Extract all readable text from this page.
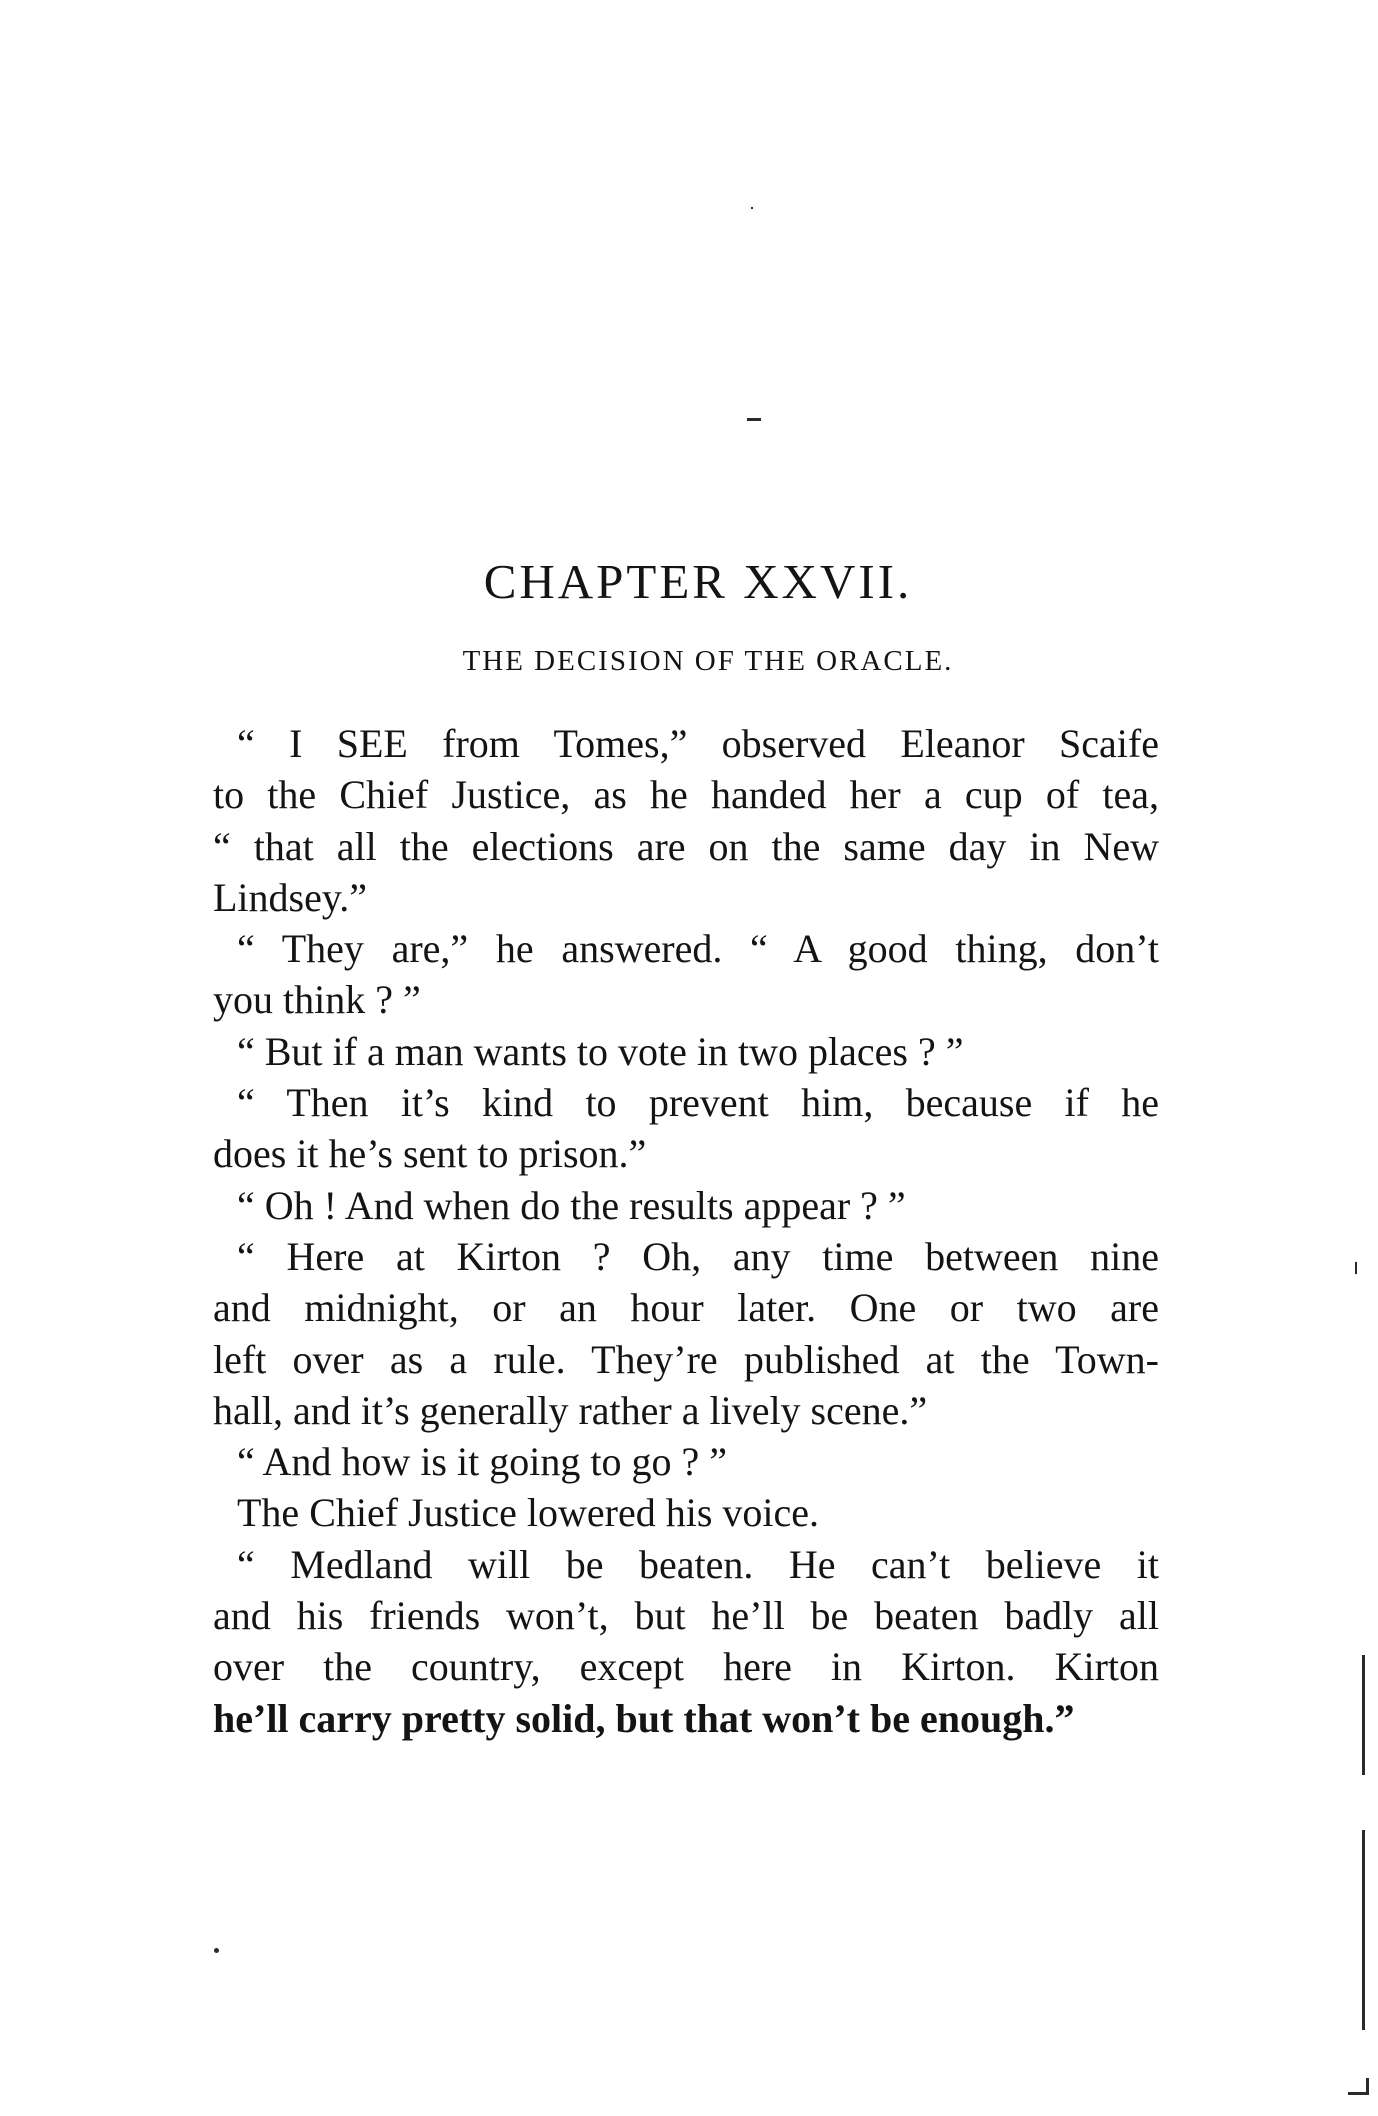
CHAPTER XXVII.
THE DECISION OF THE ORACLE.
“ I SEE from Tomes,” observed Eleanor Scaife
to the Chief Justice, as he handed her a cup of tea,
“ that all the elections are on the same day in New
Lindsey.”
“ They are,” he answered. “ A good thing, don’t
you think ? ”
“ But if a man wants to vote in two places ? ”
“ Then it’s kind to prevent him, because if he
does it he’s sent to prison.”
“ Oh ! And when do the results appear ? ”
“ Here at Kirton ? Oh, any time between nine
and midnight, or an hour later. One or two are
left over as a rule. They’re published at the Town-
hall, and it’s generally rather a lively scene.”
“ And how is it going to go ? ”
The Chief Justice lowered his voice.
“ Medland will be beaten. He can’t believe it
and his friends won’t, but he’ll be beaten badly all
over the country, except here in Kirton. Kirton
he’ll carry pretty solid, but that won’t be enough.”
